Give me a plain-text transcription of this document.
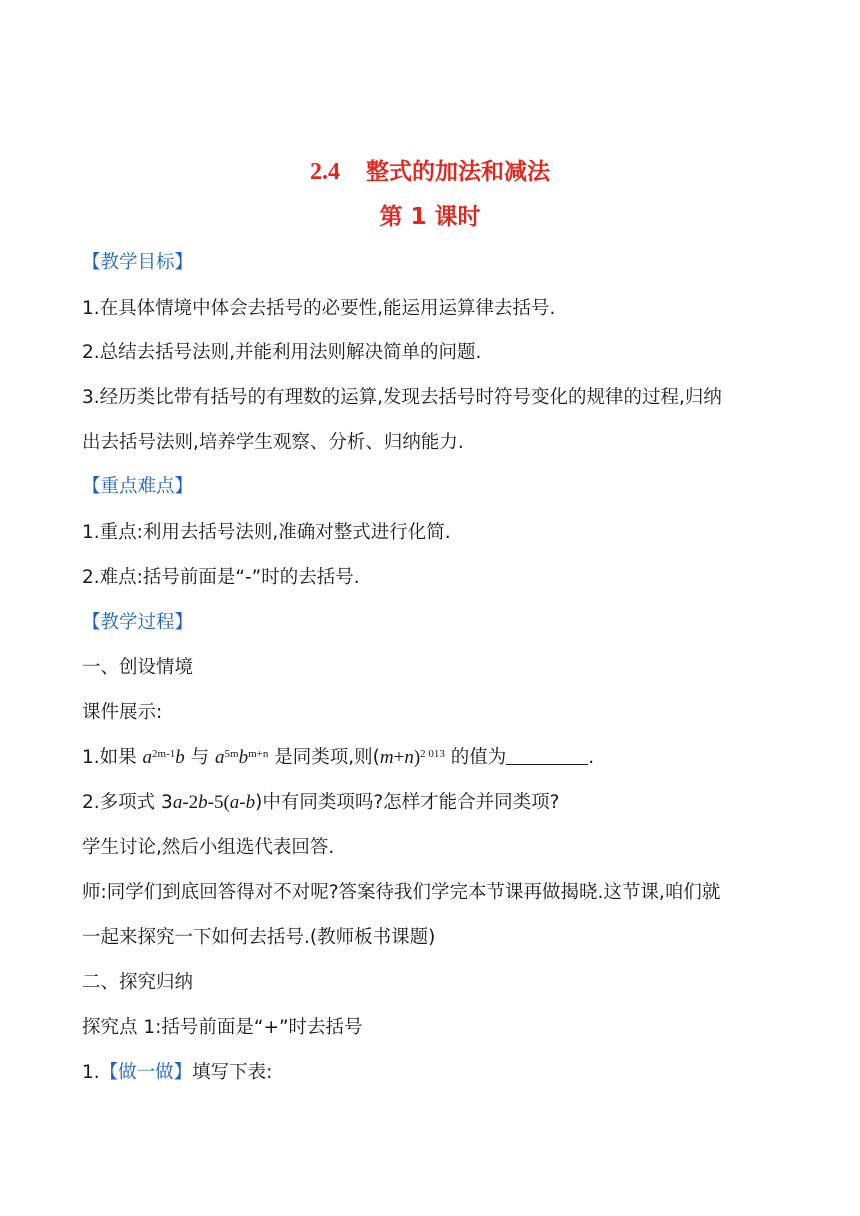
2.4 整式的加法和减法
第 1 课时
【教学目标】
1.在具体情境中体会去括号的必要性,能运用运算律去括号.
2.总结去括号法则,并能利用法则解决简单的问题.
3.经历类比带有括号的有理数的运算,发现去括号时符号变化的规律的过程,归纳
出去括号法则,培养学生观察、分析、归纳能力.
【重点难点】
1.重点:利用去括号法则,准确对整式进行化简.
2.难点:括号前面是“-”时的去括号.
【教学过程】
一、创设情境
课件展示:
1.如果 $a^{2m-1}b$ 与 $a^{5m}b^{m+n}$ 是同类项,则$(m+n)^{2 013}$ 的值为	.
2.多项式 3a-2b-5(a-b)中有同类项吗?怎样才能合并同类项?
学生讨论,然后小组选代表回答.
师:同学们到底回答得对不对呢?答案待我们学完本节课再做揭晓.这节课,咱们就
一起来探究一下如何去括号.(教师板书课题)
二、探究归纳
探究点 1:括号前面是“+”时去括号
1.【做一做】填写下表:
